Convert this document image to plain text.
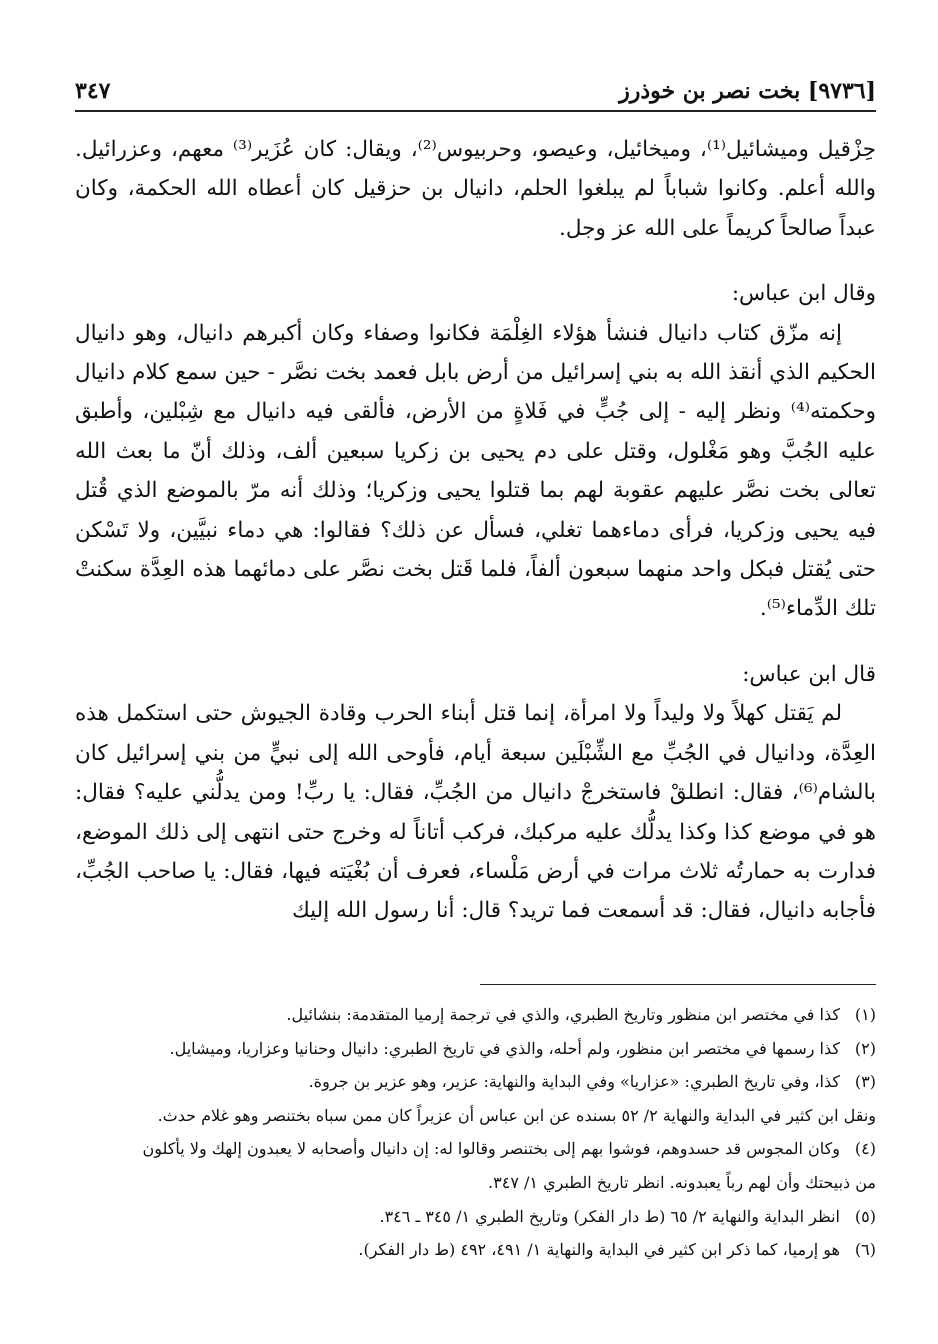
[٩٧٣٦] بخت نصر بن خوذرز
٣٤٧

حِزْقيل وميشائيل⁽¹⁾، وميخائيل، وعيصو، وحربيوس⁽²⁾، ويقال: كان عُزَير⁽³⁾ معهم، وعزرائيل. والله أعلم. وكانوا شباباً لم يبلغوا الحلم، دانيال بن حزقيل كان أعطاه الله الحكمة، وكان عبداً صالحاً كريماً على الله عز وجل.

وقال ابن عباس:

إنه مزّق كتاب دانيال فنشأ هؤلاء الغِلْمَة فكانوا وصفاء وكان أكبرهم دانيال، وهو دانيال الحكيم الذي أنقذ الله به بني إسرائيل من أرض بابل فعمد بخت نصَّر - حين سمع كلام دانيال وحكمته⁽⁴⁾ ونظر إليه - إلى جُبٍّ في فَلاةٍ من الأرض، فألقى فيه دانيال مع شِبْلين، وأطبق عليه الجُبَّ وهو مَغْلول، وقتل على دم يحيى بن زكريا سبعين ألف، وذلك أنّ ما بعث الله تعالى بخت نصَّر عليهم عقوبة لهم بما قتلوا يحيى وزكريا؛ وذلك أنه مرّ بالموضع الذي قُتل فيه يحيى وزكريا، فرأى دماءهما تغلي، فسأل عن ذلك؟ فقالوا: هي دماء نبيَّين، ولا تَسْكن حتى يُقتل فبكل واحد منهما سبعون ألفاً، فلما قَتل بخت نصَّر على دمائهما هذه العِدَّة سكنتْ تلك الدِّماء⁽⁵⁾.

قال ابن عباس:

لم يَقتل كهلاً ولا وليداً ولا امرأة، إنما قتل أبناء الحرب وقادة الجيوش حتى استكمل هذه العِدَّة، ودانيال في الجُبِّ مع الشِّبْلَين سبعة أيام، فأوحى الله إلى نبيٍّ من بني إسرائيل كان بالشام⁽⁶⁾، فقال: انطلقْ فاستخرجْ دانيال من الجُبِّ، فقال: يا ربِّ! ومن يدلُّني عليه؟ فقال: هو في موضع كذا وكذا يدلُّك عليه مركبك، فركب أتاناً له وخرج حتى انتهى إلى ذلك الموضع، فدارت به حمارتُه ثلاث مرات في أرض مَلْساء، فعرف أن بُغْيَته فيها، فقال: يا صاحب الجُبِّ، فأجابه دانيال، فقال: قد أسمعت فما تريد؟ قال: أنا رسول الله إليك

(١)
كذا في مختصر ابن منظور وتاريخ الطبري، والذي في ترجمة إرميا المتقدمة: بنشائيل.
(٢)
كذا رسمها في مختصر ابن منظور، ولم أحله، والذي في تاريخ الطبري: دانيال وحنانيا وعزاريا، وميشايل.
(٣)
كذا، وفي تاريخ الطبري: «عزاريا» وفي البداية والنهاية: عزير، وهو عزير بن جروة.
ونقل ابن كثير في البداية والنهاية ٢/ ٥٢ بسنده عن ابن عباس أن عزيراً كان ممن سباه بختنصر وهو غلام حدث.
(٤)
وكان المجوس قد حسدوهم، فوشوا بهم إلى بختنصر وقالوا له: إن دانيال وأصحابه لا يعبدون إلهك ولا يأكلون
من ذبيحتك وأن لهم رباً يعبدونه. انظر تاريخ الطبري ١/ ٣٤٧.
(٥)
انظر البداية والنهاية ٢/ ٦٥ (ط دار الفكر) وتاريخ الطبري ١/ ٣٤٥ ـ ٣٤٦.
(٦)
هو إرميا، كما ذكر ابن كثير في البداية والنهاية ١/ ٤٩١، ٤٩٢ (ط دار الفكر).
